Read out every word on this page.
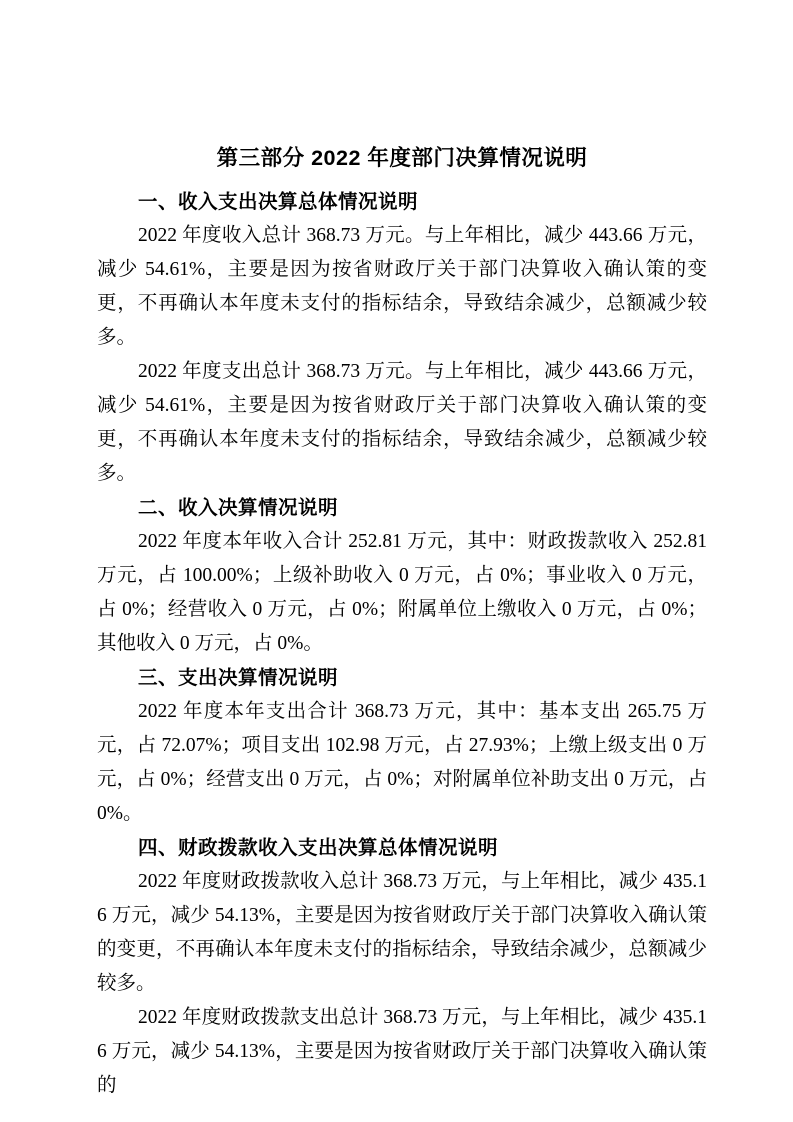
第三部分 2022 年度部门决算情况说明
一、收入支出决算总体情况说明

2022 年度收入总计 368.73 万元。与上年相比，减少 443.66 万元，减少 54.61%，主要是因为按省财政厅关于部门决算收入确认策的变更，不再确认本年度未支付的指标结余，导致结余减少，总额减少较多。

2022 年度支出总计 368.73 万元。与上年相比，减少 443.66 万元，减少 54.61%，主要是因为按省财政厅关于部门决算收入确认策的变更，不再确认本年度未支付的指标结余，导致结余减少，总额减少较多。

二、收入决算情况说明

2022 年度本年收入合计 252.81 万元，其中：财政拨款收入 252.81 万元，占 100.00%；上级补助收入 0 万元，占 0%；事业收入 0 万元，占 0%；经营收入 0 万元，占 0%；附属单位上缴收入 0 万元，占 0%；其他收入 0 万元，占 0%。

三、支出决算情况说明

2022 年度本年支出合计 368.73 万元，其中：基本支出 265.75 万元，占 72.07%；项目支出 102.98 万元，占 27.93%；上缴上级支出 0 万元，占 0%；经营支出 0 万元，占 0%；对附属单位补助支出 0 万元，占 0%。

四、财政拨款收入支出决算总体情况说明

2022 年度财政拨款收入总计 368.73 万元，与上年相比，减少 435.16 万元，减少 54.13%，主要是因为按省财政厅关于部门决算收入确认策的变更，不再确认本年度未支付的指标结余，导致结余减少，总额减少较多。

2022 年度财政拨款支出总计 368.73 万元，与上年相比，减少 435.16 万元，减少 54.13%，主要是因为按省财政厅关于部门决算收入确认策的
